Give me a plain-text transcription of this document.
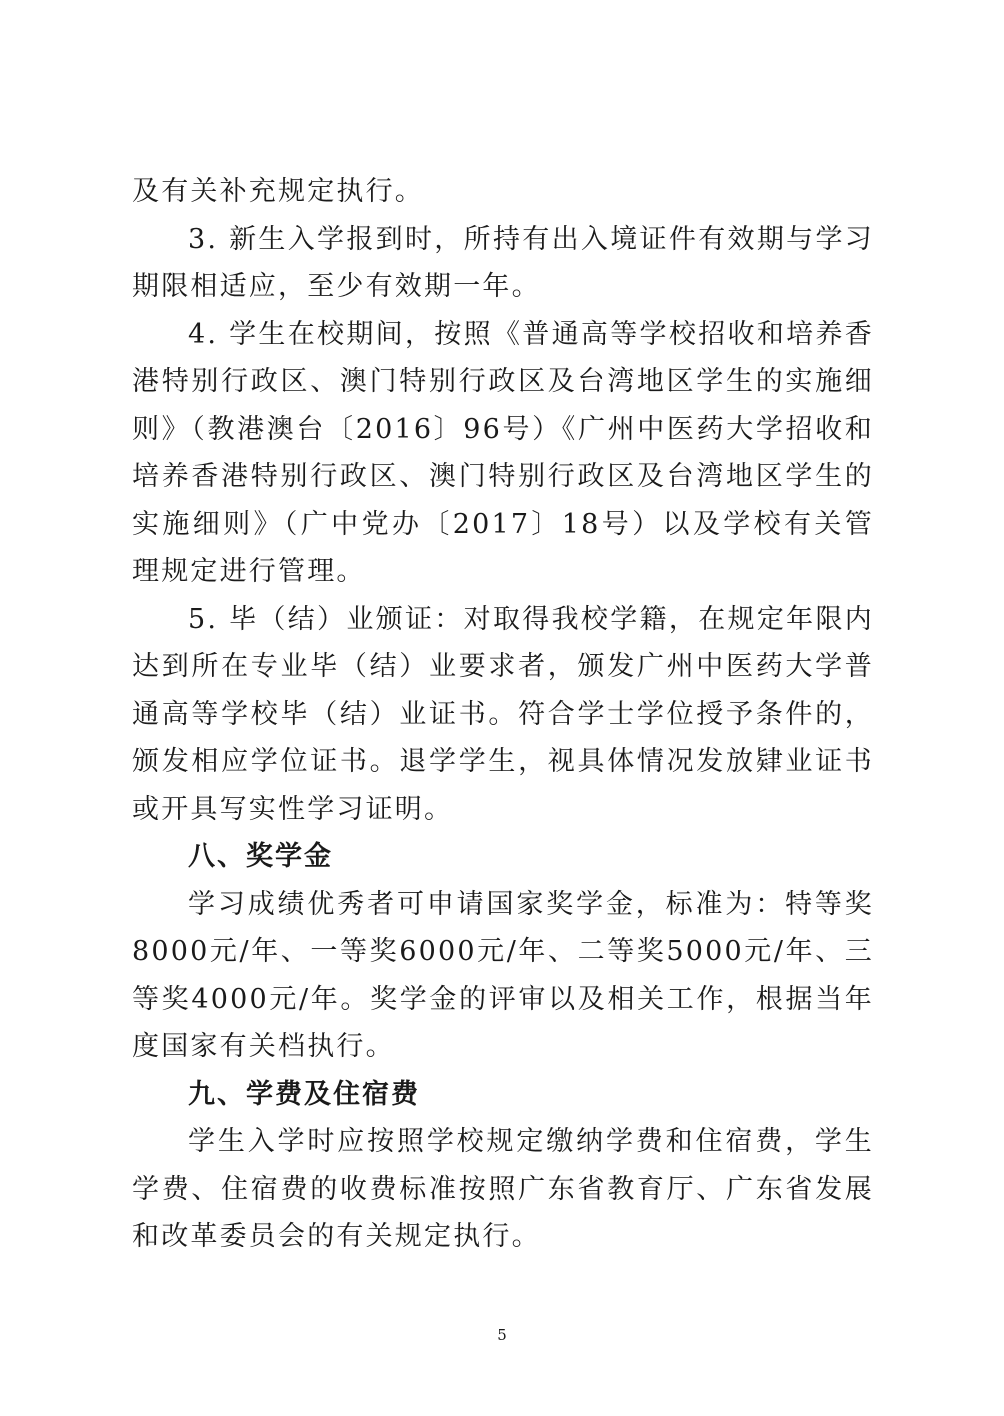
及有关补充规定执行。

3. 新生入学报到时，所持有出入境证件有效期与学习期限相适应，至少有效期一年。

4. 学生在校期间，按照《普通高等学校招收和培养香港特别行政区、澳门特别行政区及台湾地区学生的实施细则》（教港澳台〔2016〕96号）《广州中医药大学招收和培养香港特别行政区、澳门特别行政区及台湾地区学生的实施细则》（广中党办〔2017〕18号）以及学校有关管理规定进行管理。

5. 毕（结）业颁证：对取得我校学籍，在规定年限内达到所在专业毕（结）业要求者，颁发广州中医药大学普通高等学校毕（结）业证书。符合学士学位授予条件的，颁发相应学位证书。退学学生，视具体情况发放肄业证书或开具写实性学习证明。

八、奖学金

学习成绩优秀者可申请国家奖学金，标准为：特等奖8000元/年、一等奖6000元/年、二等奖5000元/年、三等奖4000元/年。奖学金的评审以及相关工作，根据当年度国家有关档执行。

九、学费及住宿费

学生入学时应按照学校规定缴纳学费和住宿费，学生学费、住宿费的收费标准按照广东省教育厅、广东省发展和改革委员会的有关规定执行。

5
